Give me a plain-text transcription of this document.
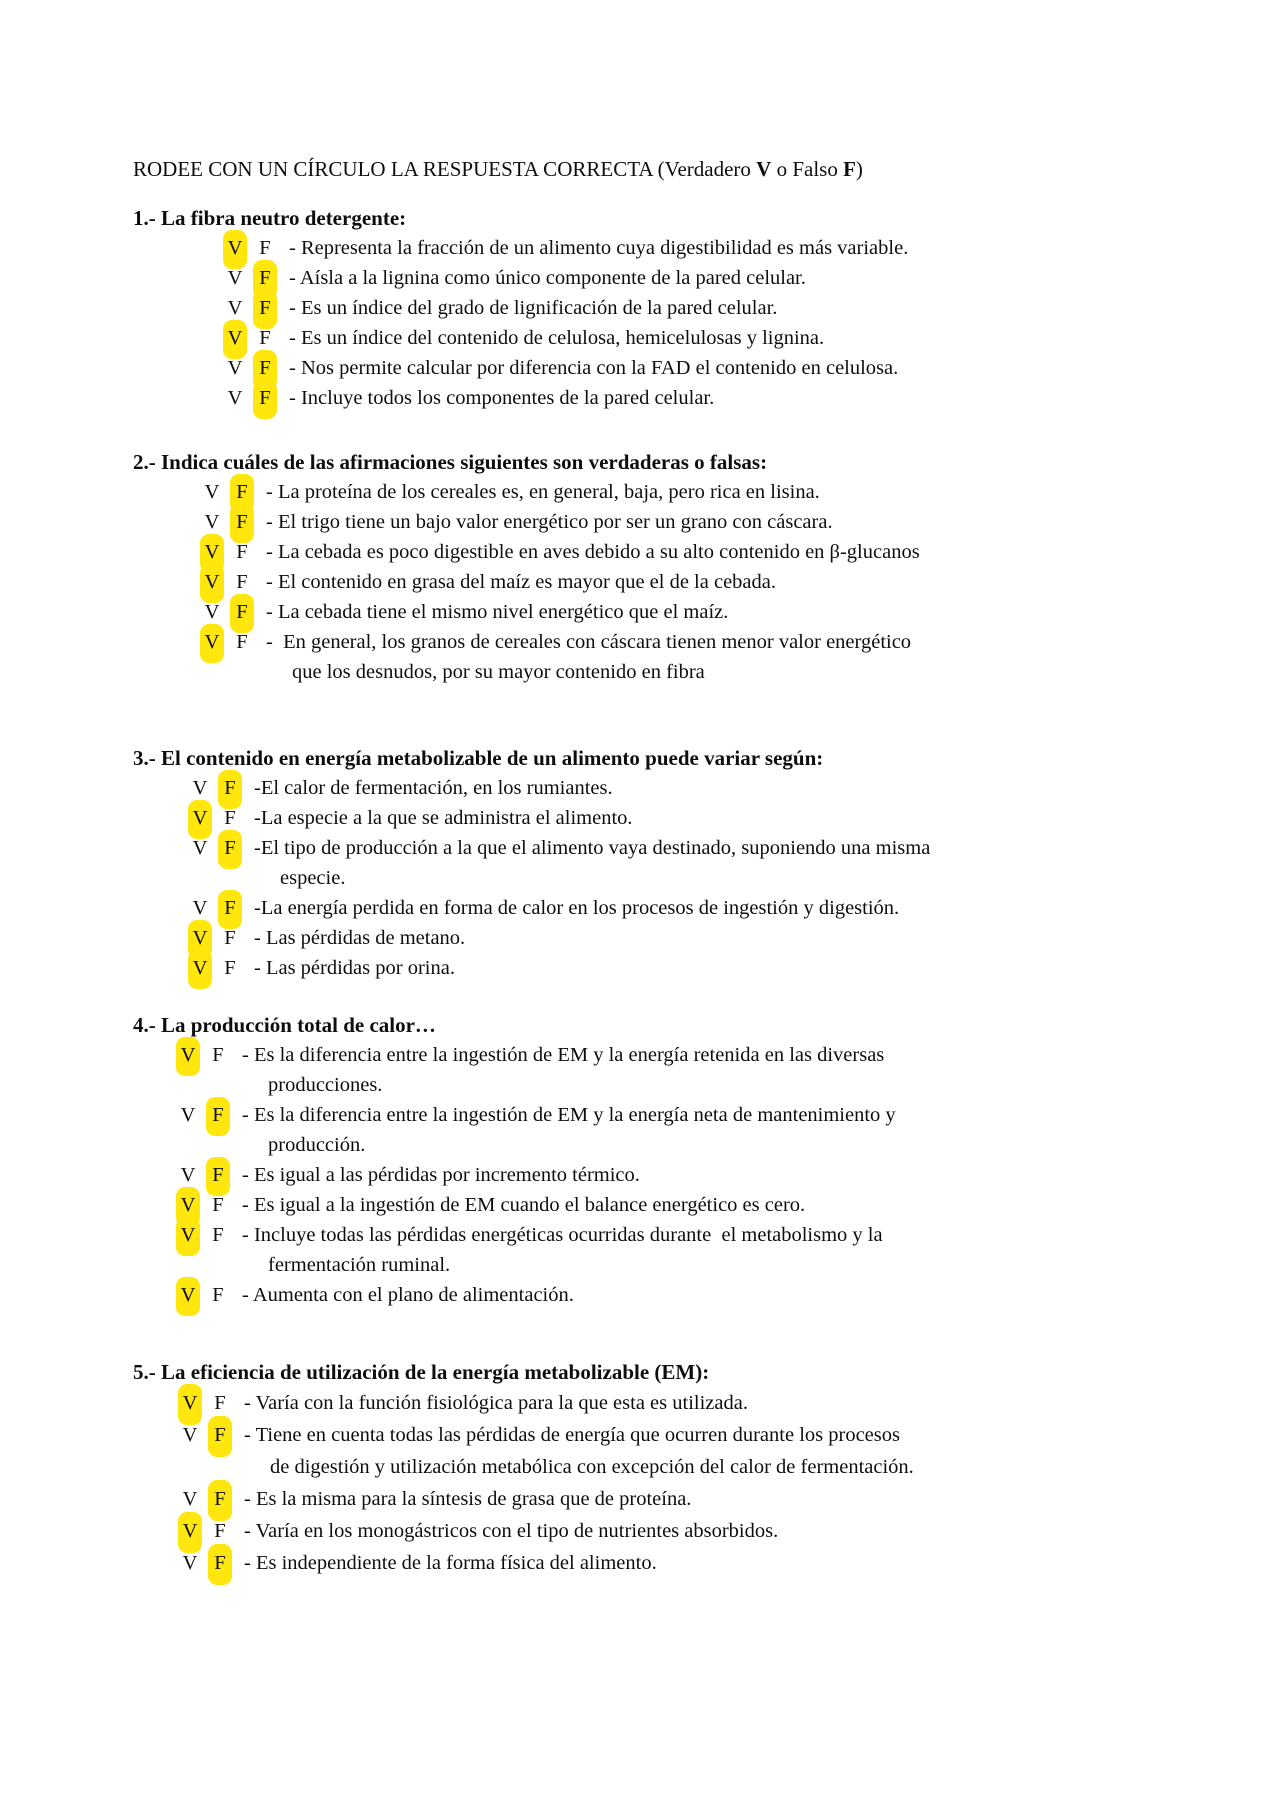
RODEE CON UN CÍRCULO LA RESPUESTA CORRECTA (Verdadero V o Falso F)

1.- La fibra neutro detergente:
V F - Representa la fracción de un alimento cuya digestibilidad es más variable.
V F - Aísla a la lignina como único componente de la pared celular.
V F - Es un índice del grado de lignificación de la pared celular.
V F - Es un índice del contenido de celulosa, hemicelulosas y lignina.
V F - Nos permite calcular por diferencia con la FAD el contenido en celulosa.
V F - Incluye todos los componentes de la pared celular.
2.- Indica cuáles de las afirmaciones siguientes son verdaderas o falsas:
V F - La proteína de los cereales es, en general, baja, pero rica en lisina.
V F - El trigo tiene un bajo valor energético por ser un grano con cáscara.
V F - La cebada es poco digestible en aves debido a su alto contenido en β-glucanos
V F - El contenido en grasa del maíz es mayor que el de la cebada.
V F - La cebada tiene el mismo nivel energético que el maíz.
V F -  En general, los granos de cereales con cáscara tienen menor valor energético
que los desnudos, por su mayor contenido en fibra
3.- El contenido en energía metabolizable de un alimento puede variar según:
V F -El calor de fermentación, en los rumiantes.
V F -La especie a la que se administra el alimento.
V F -El tipo de producción a la que el alimento vaya destinado, suponiendo una misma
especie.
V F -La energía perdida en forma de calor en los procesos de ingestión y digestión.
V F - Las pérdidas de metano.
V F - Las pérdidas por orina.
4.- La producción total de calor…
V F - Es la diferencia entre la ingestión de EM y la energía retenida en las diversas
producciones.
V F - Es la diferencia entre la ingestión de EM y la energía neta de mantenimiento y
producción.
V F - Es igual a las pérdidas por incremento térmico.
V F - Es igual a la ingestión de EM cuando el balance energético es cero.
V F - Incluye todas las pérdidas energéticas ocurridas durante  el metabolismo y la
fermentación ruminal.
V F - Aumenta con el plano de alimentación.
5.- La eficiencia de utilización de la energía metabolizable (EM):
V F - Varía con la función fisiológica para la que esta es utilizada.
V F - Tiene en cuenta todas las pérdidas de energía que ocurren durante los procesos
de digestión y utilización metabólica con excepción del calor de fermentación.
V F - Es la misma para la síntesis de grasa que de proteína.
V F - Varía en los monogástricos con el tipo de nutrientes absorbidos.
V F - Es independiente de la forma física del alimento.
